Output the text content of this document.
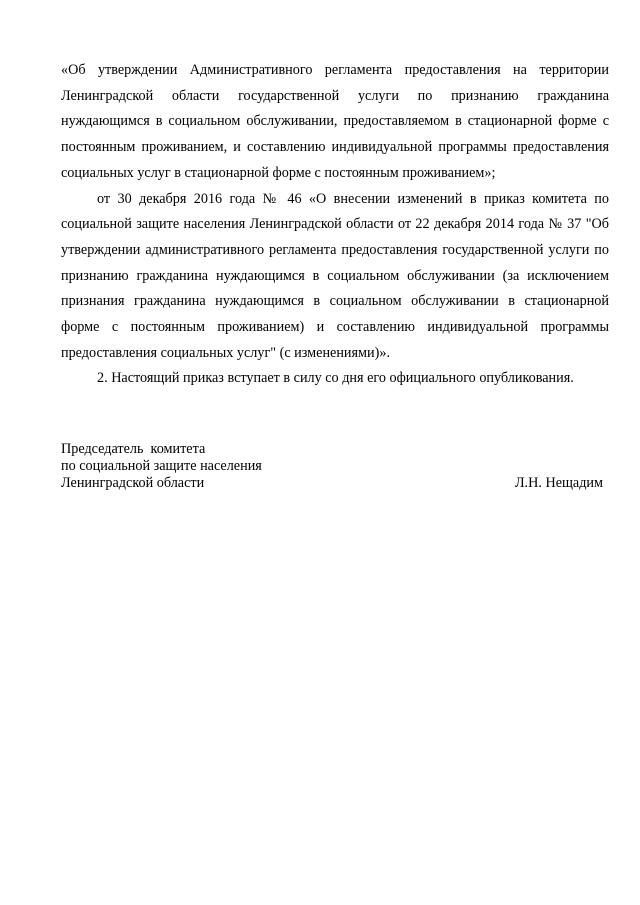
«Об утверждении Административного регламента предоставления на территории Ленинградской области государственной услуги по признанию гражданина нуждающимся в социальном обслуживании, предоставляемом в стационарной форме с постоянным проживанием, и составлению индивидуальной программы предоставления социальных услуг в стационарной форме с постоянным проживанием»;

от 30 декабря 2016 года № 46 «О внесении изменений в приказ комитета по социальной защите населения Ленинградской области от 22 декабря 2014 года № 37 "Об утверждении административного регламента предоставления государственной услуги по признанию гражданина нуждающимся в социальном обслуживании (за исключением признания гражданина нуждающимся в социальном обслуживании в стационарной форме с постоянным проживанием) и составлению индивидуальной программы предоставления социальных услуг" (с изменениями)».

2. Настоящий приказ вступает в силу со дня его официального опубликования.

Председатель  комитета
по социальной защите населения
Ленинградской области	Л.Н. Нещадим
